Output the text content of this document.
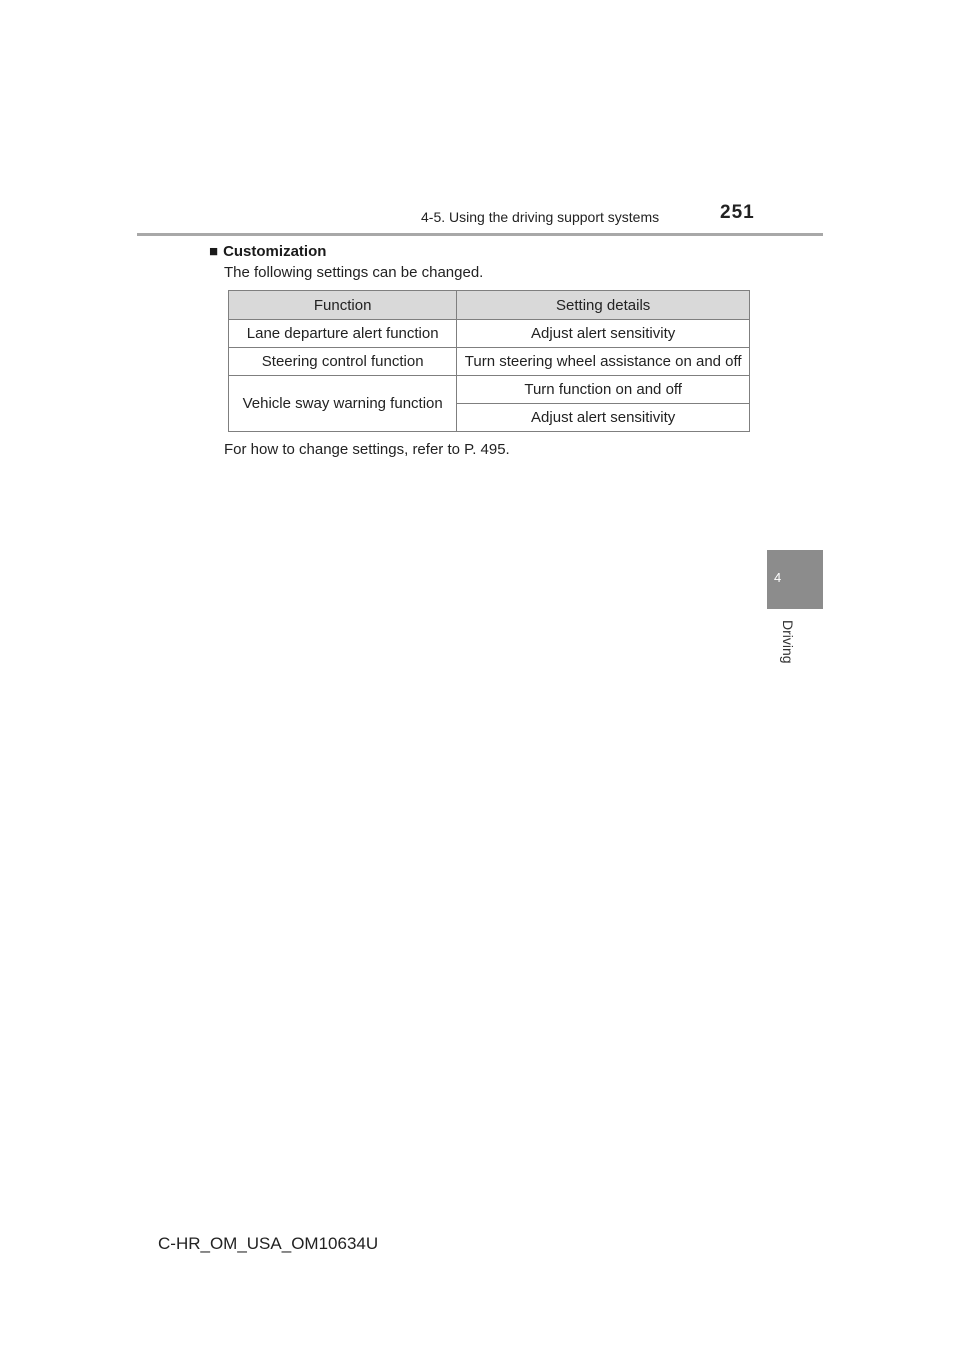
4-5. Using the driving support systems	251
4
Driving
■ Customization
The following settings can be changed.
Function	Setting details
Lane departure alert function	Adjust alert sensitivity
Steering control function	Turn steering wheel assistance on and off
Vehicle sway warning function	Turn function on and off
	Adjust alert sensitivity
For how to change settings, refer to P. 495.
C-HR_OM_USA_OM10634U
